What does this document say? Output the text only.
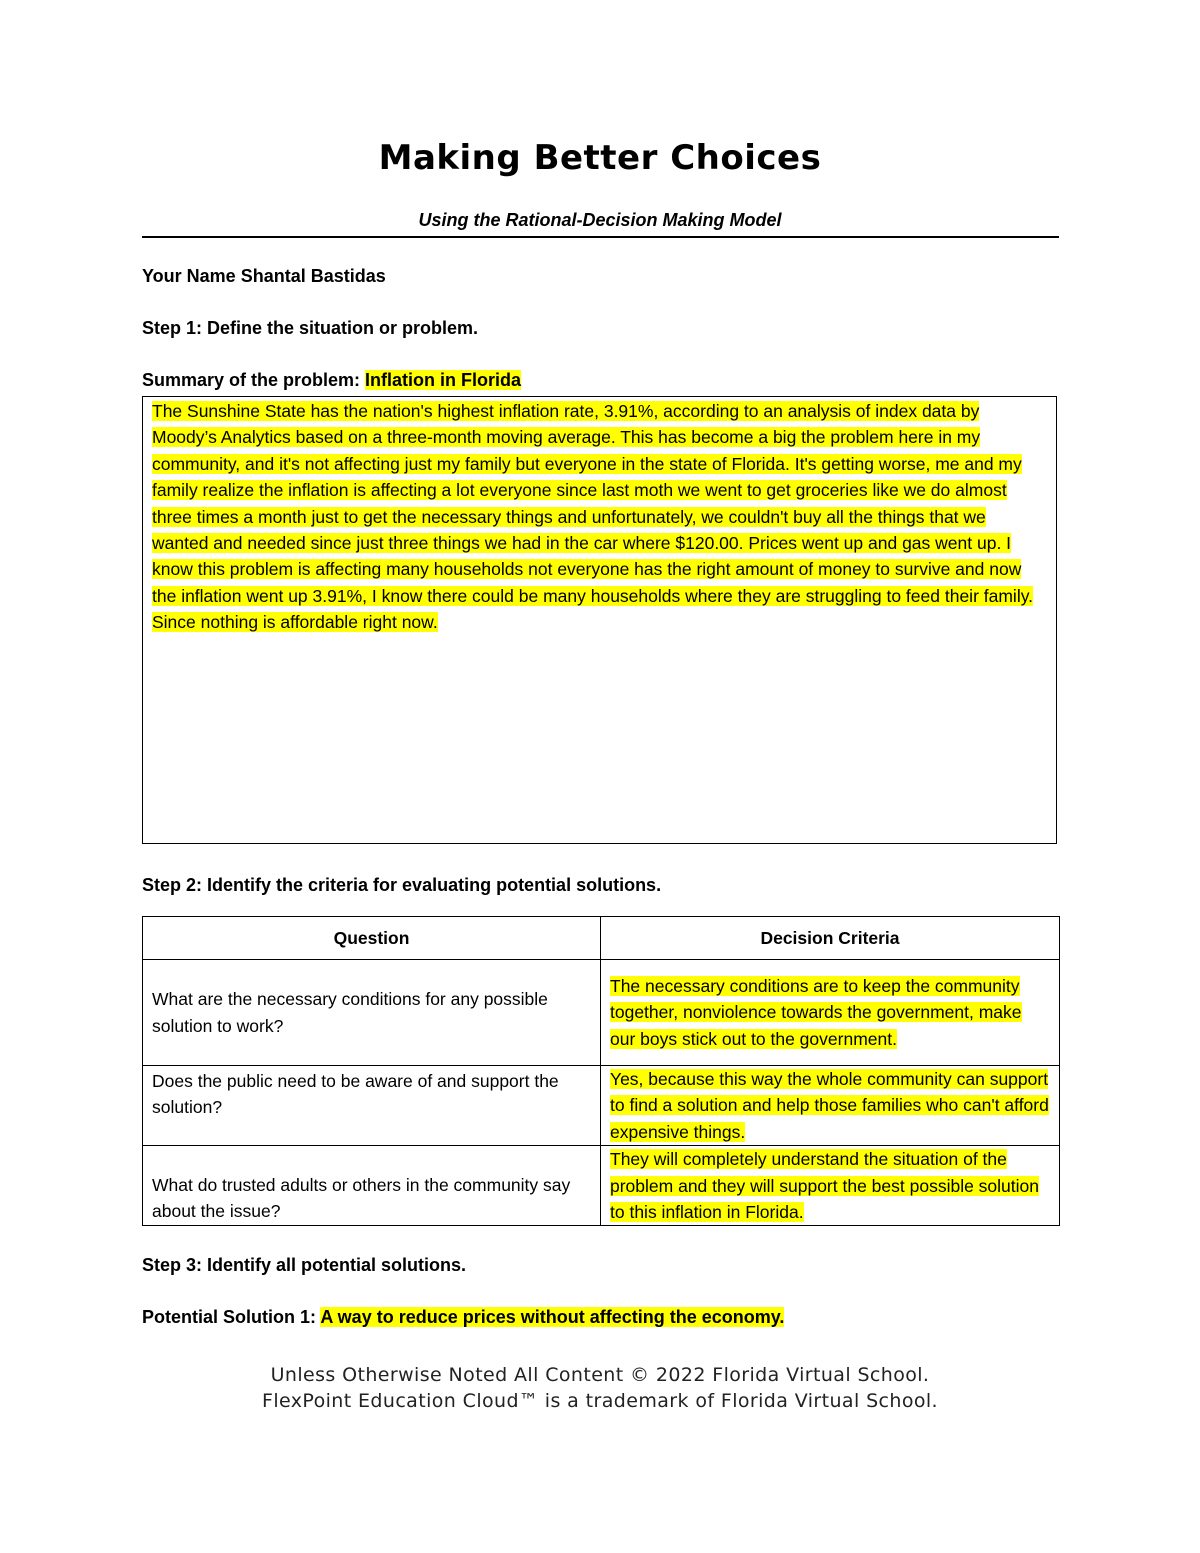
Making Better Choices
Using the Rational-Decision Making Model
Your Name Shantal Bastidas
Step 1: Define the situation or problem.
Summary of the problem: Inflation in Florida
The Sunshine State has the nation's highest inflation rate, 3.91%, according to an analysis of index data by Moody’s Analytics based on a three-month moving average. This has become a big the problem here in my community, and it's not affecting just my family but everyone in the state of Florida. It's getting worse, me and my family realize the inflation is affecting a lot everyone since last moth we went to get groceries like we do almost three times a month just to get the necessary things and unfortunately, we couldn't buy all the things that we wanted and needed since just three things we had in the car where $120.00. Prices went up and gas went up. I know this problem is affecting many households not everyone has the right amount of money to survive and now the inflation went up 3.91%, I know there could be many households where they are struggling to feed their family. Since nothing is affordable right now.
Step 2: Identify the criteria for evaluating potential solutions.
Question	Decision Criteria
What are the necessary conditions for any possible solution to work?	The necessary conditions are to keep the community together, nonviolence towards the government, make our boys stick out to the government.
Does the public need to be aware of and support the solution?	Yes, because this way the whole community can support to find a solution and help those families who can't afford expensive things.
What do trusted adults or others in the community say about the issue?	They will completely understand the situation of the problem and they will support the best possible solution to this inflation in Florida.
Step 3: Identify all potential solutions.
Potential Solution 1: A way to reduce prices without affecting the economy.
Unless Otherwise Noted All Content © 2022 Florida Virtual School.
FlexPoint Education Cloud™ is a trademark of Florida Virtual School.
